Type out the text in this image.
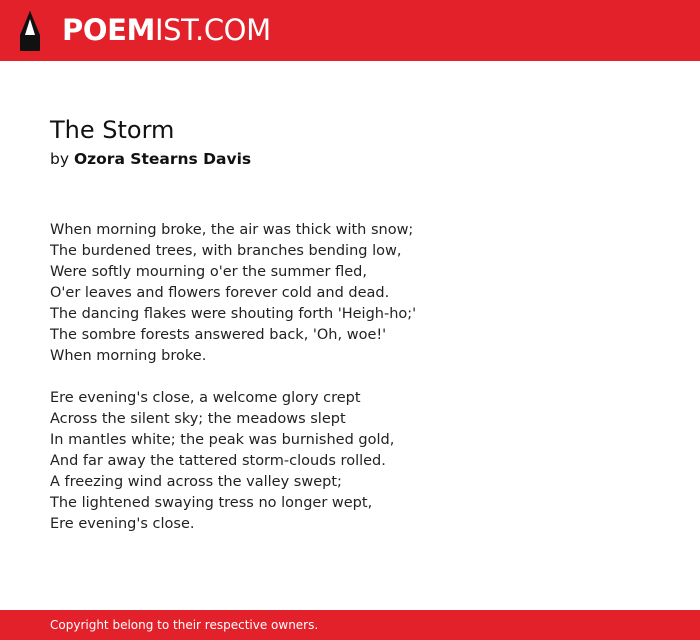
POEMIST.COM
The Storm

by Ozora Stearns Davis

When morning broke, the air was thick with snow;
The burdened trees, with branches bending low,
Were softly mourning o'er the summer fled,
O'er leaves and flowers forever cold and dead.
The dancing flakes were shouting forth 'Heigh-ho;'
The sombre forests answered back, 'Oh, woe!'
When morning broke.
Ere evening's close, a welcome glory crept
Across the silent sky; the meadows slept
In mantles white; the peak was burnished gold,
And far away the tattered storm-clouds rolled.
A freezing wind across the valley swept;
The lightened swaying tress no longer wept,
Ere evening's close.
Copyright belong to their respective owners.
